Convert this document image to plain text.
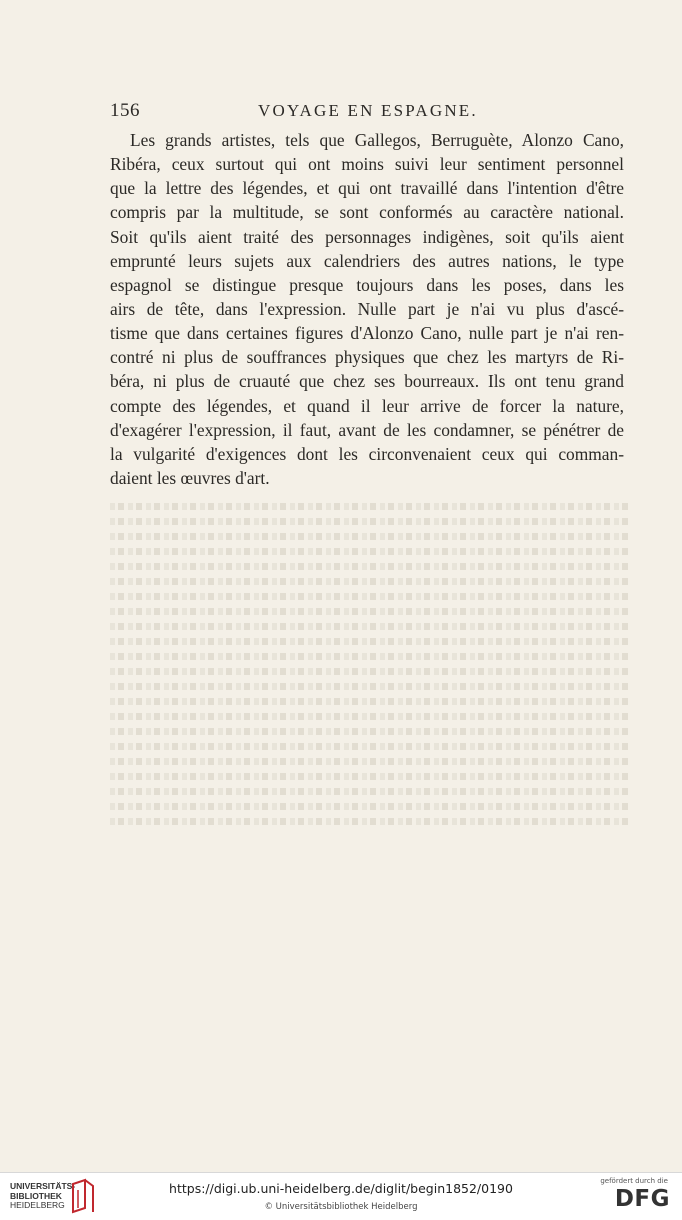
156	VOYAGE EN ESPAGNE.
Les grands artistes, tels que Gallegos, Berruguète, Alonzo Cano,
Ribéra, ceux surtout qui ont moins suivi leur sentiment personnel
que la lettre des légendes, et qui ont travaillé dans l'intention d'être
compris par la multitude, se sont conformés au caractère national.
Soit qu'ils aient traité des personnages indigènes, soit qu'ils aient
emprunté leurs sujets aux calendriers des autres nations, le type
espagnol se distingue presque toujours dans les poses, dans les
airs de tête, dans l'expression. Nulle part je n'ai vu plus d'ascé-
tisme que dans certaines figures d'Alonzo Cano, nulle part je n'ai ren-
contré ni plus de souffrances physiques que chez les martyrs de Ri-
béra, ni plus de cruauté que chez ses bourreaux. Ils ont tenu grand
compte des légendes, et quand il leur arrive de forcer la nature,
d'exagérer l'expression, il faut, avant de les condamner, se pénétrer de
la vulgarité d'exigences dont les circonvenaient ceux qui comman-
daient les œuvres d'art.
UNIVERSITÄTS-
BIBLIOTHEK
HEIDELBERG
https://digi.ub.uni-heidelberg.de/diglit/begin1852/0190
© Universitätsbibliothek Heidelberg
gefördert durch die
DFG
